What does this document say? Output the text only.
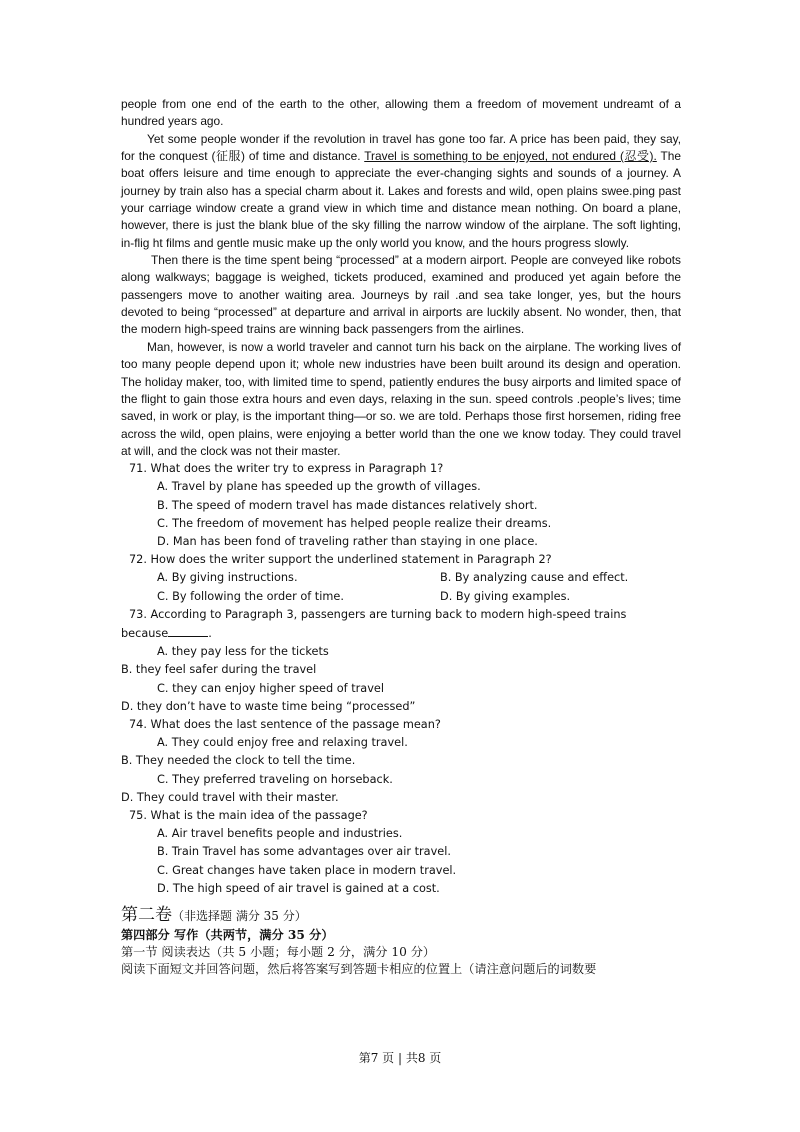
people from one end of the earth to the other, allowing them a freedom of movement undreamt of a hundred years ago.

Yet some people wonder if the revolution in travel has gone too far. A price has been paid, they say, for the conquest (征服) of time and distance. Travel is something to be enjoyed, not endured (忍受). The boat offers leisure and time enough to appreciate the ever-changing sights and sounds of a journey. A journey by train also has a special charm about it. Lakes and forests and wild, open plains swee.ping past your carriage window create a grand view in which time and distance mean nothing. On board a plane, however, there is just the blank blue of the sky filling the narrow window of the airplane. The soft lighting, in-flig ht films and gentle music make up the only world you know, and the hours progress slowly.

Then there is the time spent being “processed” at a modern airport. People are conveyed like robots along walkways; baggage is weighed, tickets produced, examined and produced yet again before the passengers move to another waiting area. Journeys by rail .and sea take longer, yes, but the hours devoted to being “processed” at departure and arrival in airports are luckily absent. No wonder, then, that the modern high-speed trains are winning back passengers from the airlines.

Man, however, is now a world traveler and cannot turn his back on the airplane. The working lives of too many people depend upon it; whole new industries have been built around its design and operation. The holiday maker, too, with limited time to spend, patiently endures the busy airports and limited space of the flight to gain those extra hours and even days, relaxing in the sun. speed controls .people’s lives; time saved, in work or play, is the important thing—or so. we are told. Perhaps those first horsemen, riding free across the wild, open plains, were enjoying a better world than the one we know today. They could travel at will, and the clock was not their master.

71. What does the writer try to express in Paragraph 1?

A. Travel by plane has speeded up the growth of villages.

B. The speed of modern travel has made distances relatively short.

C. The freedom of movement has helped people realize their dreams.

D. Man has been fond of traveling rather than staying in one place.

72. How does the writer support the underlined statement in Paragraph 2?

A. By giving instructions.	B. By analyzing cause and effect.
C. By following the order of time.	D. By giving examples.

73. According to Paragraph 3, passengers are turning back to modern high-speed trains

because	.

A. they pay less for the tickets

B. they feel safer during the travel

C. they can enjoy higher speed of travel

D. they don’t have to waste time being “processed”

74. What does the last sentence of the passage mean?

A. They could enjoy free and relaxing travel.

B. They needed the clock to tell the time.

C. They preferred traveling on horseback.

D. They could travel with their master.

75. What is the main idea of the passage?

A. Air travel benefits people and industries.

B. Train Travel has some advantages over air travel.

C. Great changes have taken place in modern travel.

D. The high speed of air travel is gained at a cost.

第二卷（非选择题 满分 35 分）

第四部分 写作（共两节，满分 35 分）

第一节 阅读表达（共 5 小题；每小题 2 分，满分 10 分）

阅读下面短文并回答问题，然后将答案写到答题卡相应的位置上（请注意问题后的词数要

第7 页 | 共8 页
